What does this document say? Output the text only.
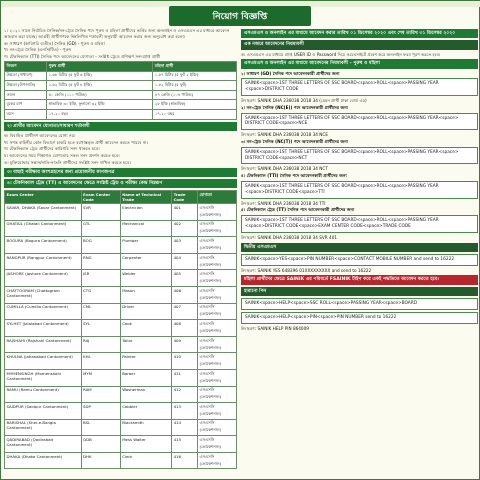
নিয়োগ বিজ্ঞপ্তি

১। ২০২১ সালে নির্বাচিত সৈনিক/নন-ট্রেড সৈনিক পদে পুরুষ ও মহিলা প্রার্থীদের ভর্তির জন্য অনলাইন ও এসএমএস এর মাধ্যমে আবেদন আহবান করা যাচ্ছে। আগ্রহী প্রার্থীগণকে নিম্নলিখিত শর্তাবলী অনুযায়ী আবেদন করার জন্য অনুরোধ করা হলো।

ক। সাধারণ (কারিগরি ব্যতীত) সৈনিক (GD) - পুরুষ ও মহিলা

খ। নন-ট্রেড সৈনিক (এনসি/টিএ) - পুরুষ

গ। টেকনিক্যাল (TTI) সৈনিক পদে আবেদনের যোগ্যতা - সংশ্লিষ্ট ট্রেডে প্রশিক্ষণ সনদপ্রাপ্ত প্রার্থী

বিবরণ	পুরুষ প্রার্থী	মহিলা প্রার্থী
উচ্চতা (সাধারণ)	১.৬৮ মিটার (৫ ফুট ৬ ইঞ্চি)	১.৫৭ মিটার (৫ ফুট ২ ইঞ্চি)
উচ্চতা (উপজাতি)	১.৬২ মিটার (৫ ফুট ৪ ইঞ্চি)	১.৫২ মিটার (৫ ফুট)
ওজন	৫০ কেজি (১১০ পাউন্ড)	৪৭ কেজি (১০৪ পাউন্ড)
বুকের মাপ	স্বাভাবিক ৩০ ইঞ্চি, ফুলানো ৩২ ইঞ্চি	২৮ ইঞ্চি (স্বাভাবিক)
বয়স	১৭-২০ বছর	১৭-২০ বছর
২। প্রার্থীর আবেদন যোগ্যতা/সাধারণ শর্তাবলী

ক। বিবাহিত প্রার্থীগণ আবেদনের যোগ্য নয়।

খ। সশস্ত্র বাহিনীর কোন বিভাগে চাকরি হতে বরখাস্তকৃত প্রার্থী আবেদন করতে পারবে না।

গ। টেকনিক্যাল ট্রেড প্রার্থীদের কারিগরি সনদ থাকতে হবে।

ঘ। আবেদনের সময় শিক্ষাগত যোগ্যতার সকল সনদ প্রদর্শন করতে হবে।

ঙ। মুক্তিযোদ্ধার সন্তান/নাতি-নাতনি প্রার্থীদের সংশ্লিষ্ট সনদ দাখিল করতে হবে।

৩। বাছাই পরীক্ষায় অংশগ্রহণের জন্য প্রয়োজনীয় কাগজপত্র
৪। টেকনিক্যাল ট্রেড (TT) এ আবেদনের ক্ষেত্রে সংশ্লিষ্ট ট্রেড ও পরীক্ষা কেন্দ্র নিম্নরূপ
Exam Center	Exam Center Code	Name of Technical Trade	Trade Code	যোগ্যতা
SAVAR, DHAKA (Savar Cantonment)	SVR	Electrician	401	এসএসসি (ভোকেশনাল)
GHATAIL (Ghatail Cantonment)	GTL	Mechanical	402	এসএসসি (ভোকেশনাল)
BOGURA (Bogura Cantonment)	BOG	Plumber	403	এসএসসি (ভোকেশনাল)
RANGPUR (Rangpur Cantonment)	RNG	Carpenter	404	এসএসসি (ভোকেশনাল)
JASHORE (Jashore Cantonment)	JSR	Welder	405	এসএসসি (ভোকেশনাল)
CHATTOGRAM (Chattogram Cantonment)	CTG	Mason	406	এসএসসি (ভোকেশনাল)
CUMILLA (Cumilla Cantonment)	CML	Driver	407	এসএসসি (ভোকেশনাল)
SYLHET (Jalalabad Cantonment)	SYL	Cook	408	এসএসসি (ভোকেশনাল)
RAJSHAHI (Rajshahi Cantonment)	RAJ	Tailor	409	এসএসসি (ভোকেশনাল)
KHULNA (Jahanabad Cantonment)	KHL	Painter	410	এসএসসি (ভোকেশনাল)
MYMENSINGH (Momenshahi Cantonment)	MYM	Barber	411	এসএসসি (ভোকেশনাল)
RAMU (Ramu Cantonment)	RAM	Washerman	412	এসএসসি (ভোকেশনাল)
SAIDPUR (Saidpur Cantonment)	SDP	Cobbler	413	এসএসসি (ভোকেশনাল)
BARISHAL (Sher-e-Bangla Cantonment)	BSL	Blacksmith	414	এসএসসি (ভোকেশনাল)
QADIRABAD (Qadirabad Cantonment)	QDB	Mess Waiter	415	এসএসসি (ভোকেশনাল)
DHAKA (Dhaka Cantonment)	DHK	Clerk	416	এসএসসি (ভোকেশনাল)
এসএমএস ও অনলাইন এর মাধ্যমে আবেদন করার তারিখ ০১ ডিসেম্বর ২০২০ এবং শেষ তারিখ ৩১ ডিসেম্বর ২০২০
এক নজরে আবেদনের নিয়মাবলী

ক। এসএমএস এর মাধ্যমে প্রাপ্ত USER ID ও Password দিয়ে ওয়েবসাইটে প্রবেশ করে অনলাইন ফরম পূরণ করতে হবে।

এসএমএস ও অনলাইন এর মাধ্যমে আবেদনের নিয়মাবলী - পুরুষ ও মহিলা

১। সাধারণ (GD) সৈনিক পদে আবেদনকারী প্রার্থীদের জন্য

SAINIK<space>1ST THREE LETTERS OF SSC BOARD<space>ROLL<space>PASSING YEAR <space>DISTRICT CODE

উদাহরণ: SAINIK DHA 236038 2018 34 (যেমন প্রার্থী ঢাকা বোর্ড এর)

২। নন-ট্রেড সৈনিক (NC(E)) পদে আবেদনকারী প্রার্থীদের জন্য

SAINIK<space>1ST THREE LETTERS OF SSC BOARD<space>ROLL<space>PASSING YEAR<space> DISTRICT CODE<space>NCE

উদাহরণ: SAINIK DHA 236038 2018 34 NCE

৩। নন-ট্রেড সৈনিক (NC(T)) পদে আবেদনকারী প্রার্থীদের জন্য

SAINIK<space>1ST THREE LETTERS OF SSC BOARD<space>ROLL<space>PASSING YEAR<space> DISTRICT CODE<space>NCT

উদাহরণ: SAINIK DHA 236038 2018 34 NCT

৪। টেকনিক্যাল (TTI) সৈনিক পদে আবেদনকারী প্রার্থীদের জন্য

SAINIK<space>1ST THREE LETTERS OF SSC BOARD<space>ROLL<space>PASSING YEAR <space>DISTRICT CODE<space>TTI

উদাহরণ: SAINIK DHA 236038 2018 34 TTI

৫। টেকনিক্যাল ট্রেড (TT) সৈনিক পদে আবেদনকারী প্রার্থীদের জন্য

SAINIK<space>1ST THREE LETTERS OF SSC BOARD<space>ROLL<space>PASSING YEAR <space>DISTRICT CODE<space>EXAM CENTER CODE<space>TRADE CODE

উদাহরণ: SAINIK DHA 236038 2018 34 SVR 401

দ্বিতীয় এসএমএস
SAINIK<space>YES<space>PIN NUMBER<space>CONTACT MOBILE NUMBER and send to 16222

উদাহরণ: SAINIK YES 648396 01XXXXXXXXX and send to 16222

মহিলা প্রার্থীদের ক্ষেত্রে SAINIK এর পরিবর্তে FSAINIK টাইপ করে একই পদ্ধতিতে আবেদন করতে হবে।
হারানো পিন
SAINIK<space>HELP<space>SSC ROLL<space>PASSING YEAR<space>BOARD
SAINIK<space>HELP<space>PIN<space>PIN NUMBER send to 16222

উদাহরণ: SAINIK HELP PIN 864009
